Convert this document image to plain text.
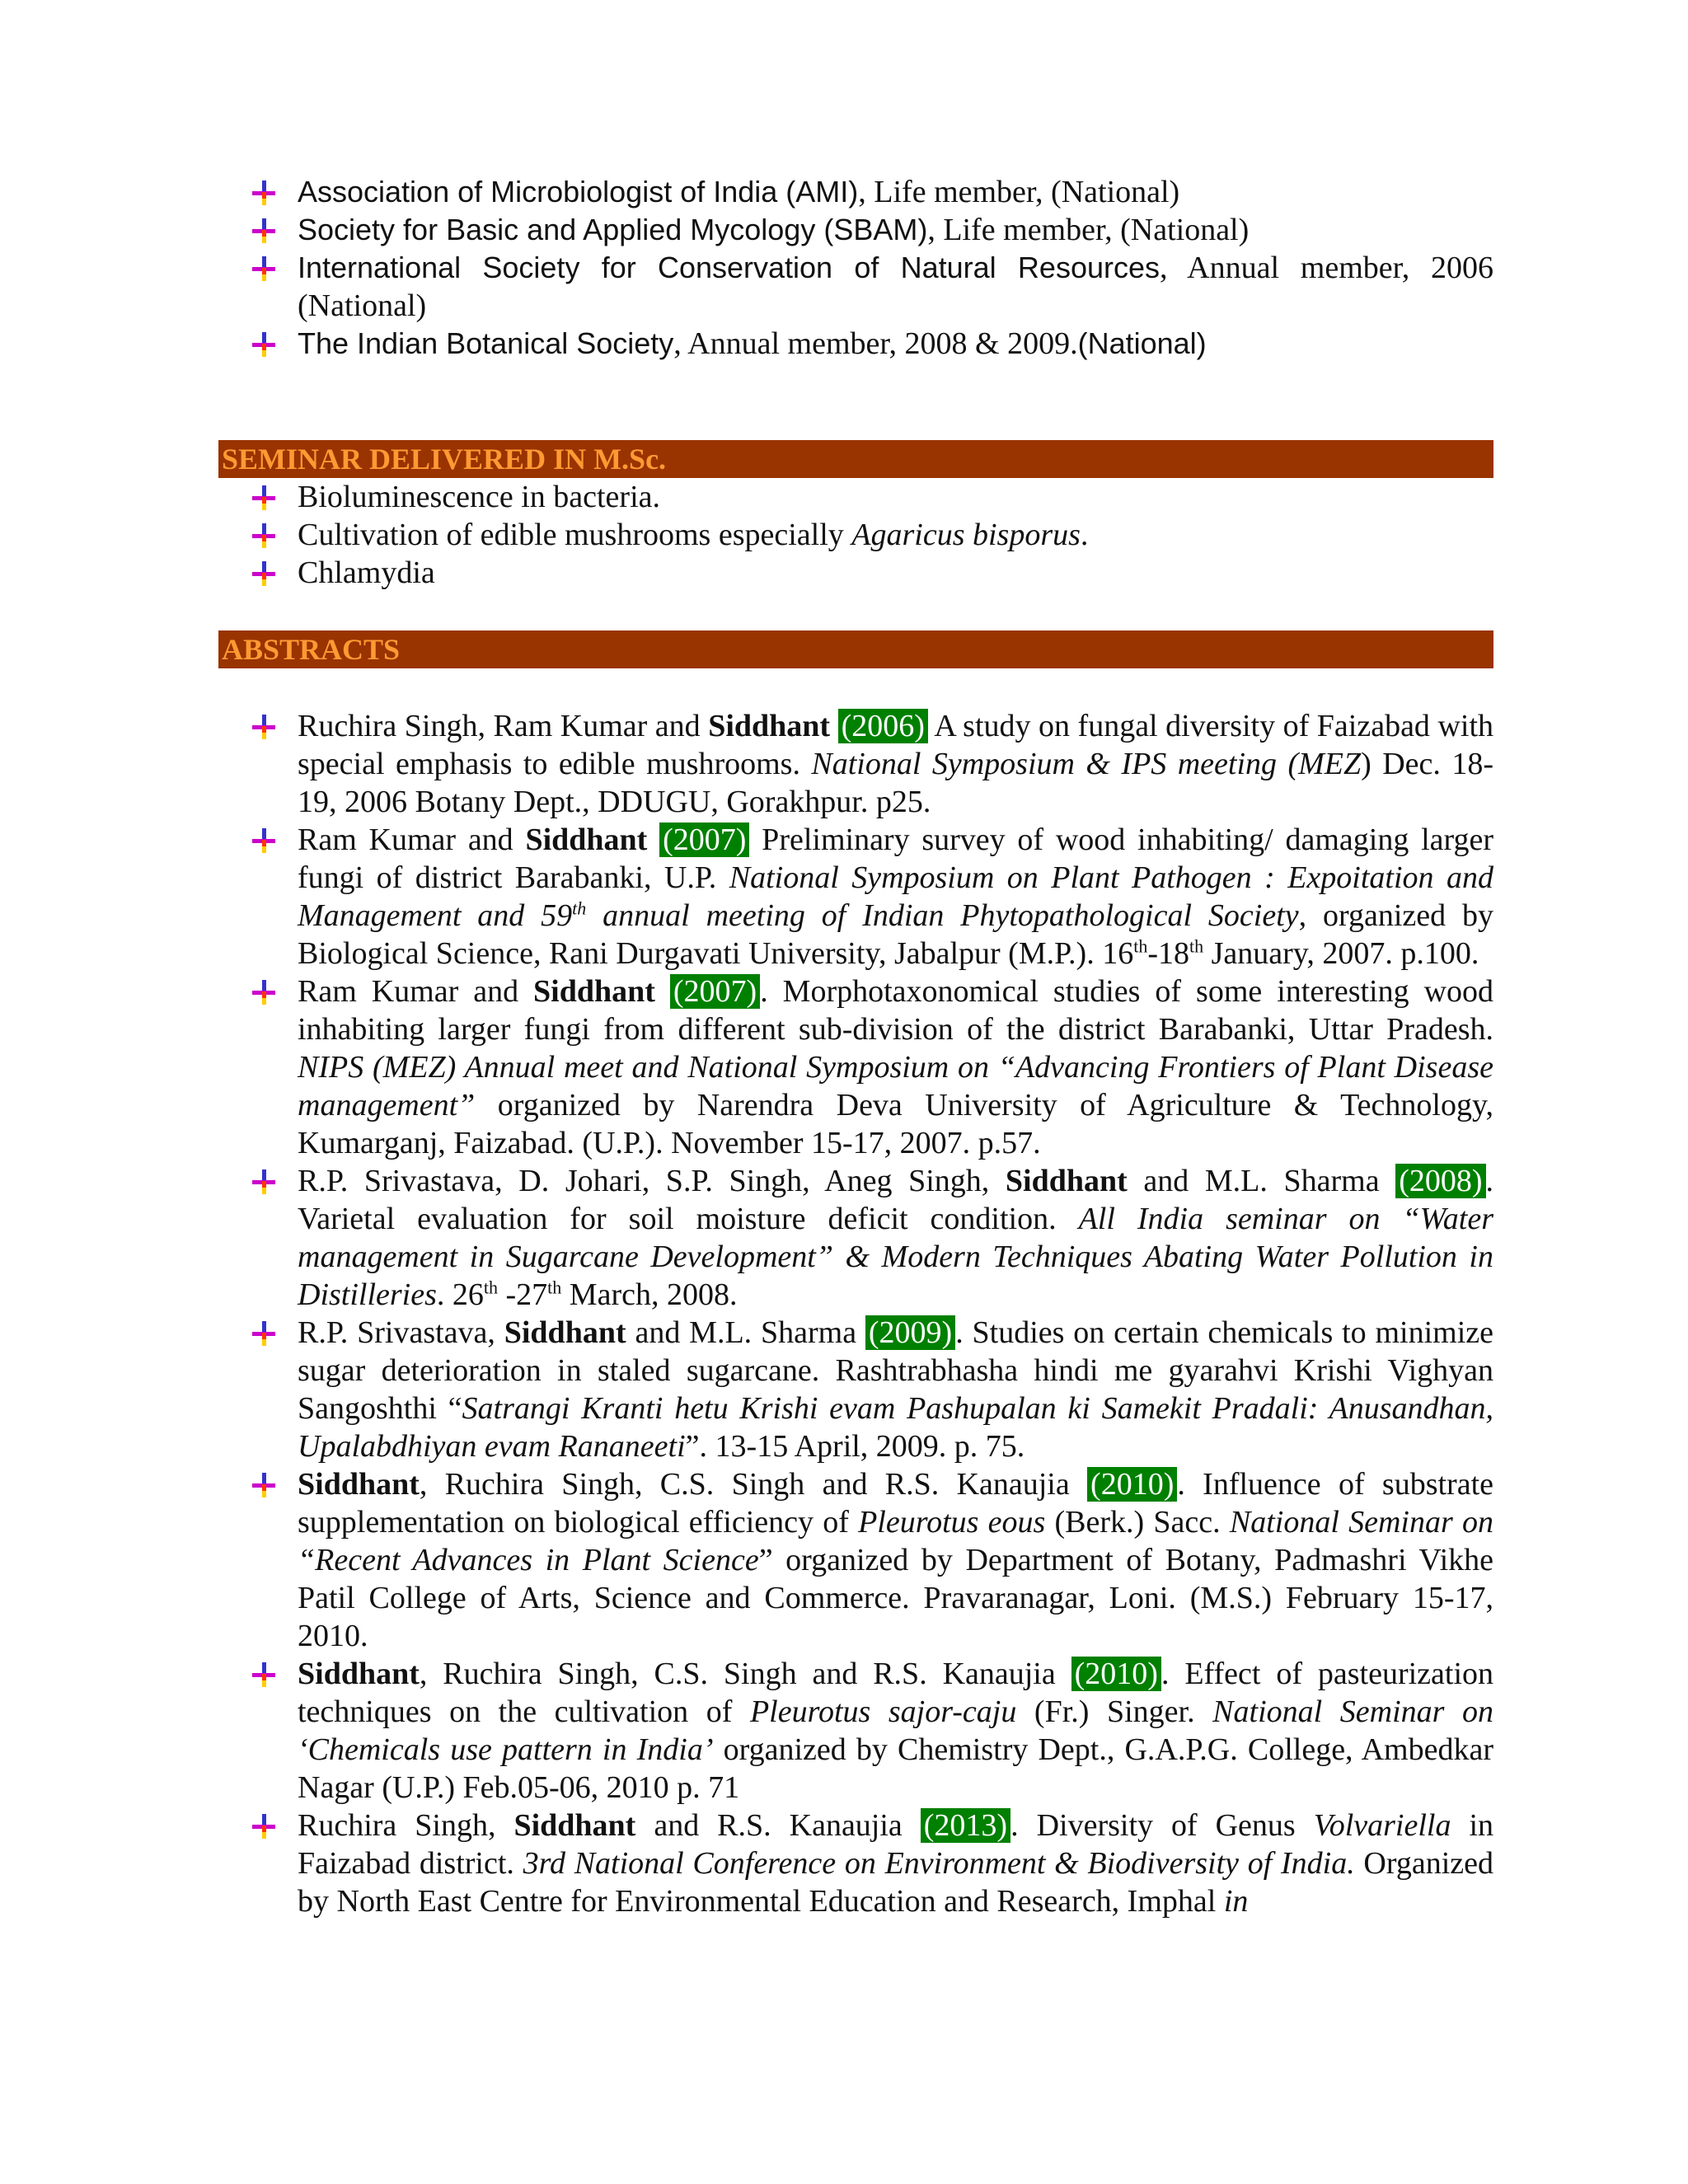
Association of Microbiologist of India (AMI), Life member, (National)
Society for Basic and Applied Mycology (SBAM), Life member, (National)
International Society for Conservation of Natural Resources, Annual member, 2006 (National)
The Indian Botanical Society, Annual member, 2008 & 2009.(National)
SEMINAR DELIVERED IN M.Sc.
Bioluminescence in bacteria.
Cultivation of edible mushrooms especially Agaricus bisporus.
Chlamydia
ABSTRACTS
Ruchira Singh, Ram Kumar and Siddhant (2006) A study on fungal diversity of Faizabad with special emphasis to edible mushrooms. National Symposium & IPS meeting (MEZ) Dec. 18-19, 2006 Botany Dept., DDUGU, Gorakhpur. p25.
Ram Kumar and Siddhant (2007) Preliminary survey of wood inhabiting/ damaging larger fungi of district Barabanki, U.P. National Symposium on Plant Pathogen : Expoitation and Management and 59th annual meeting of Indian Phytopathological Society, organized by Biological Science, Rani Durgavati University, Jabalpur (M.P.). 16th-18th January, 2007. p.100.
Ram Kumar and Siddhant (2007) . Morphotaxonomical studies of some interesting wood inhabiting larger fungi from different sub-division of the district Barabanki, Uttar Pradesh. NIPS (MEZ) Annual meet and National Symposium on “Advancing Frontiers of Plant Disease management” organized by Narendra Deva University of Agriculture & Technology, Kumarganj, Faizabad. (U.P.). November 15-17, 2007. p.57.
R.P. Srivastava, D. Johari, S.P. Singh, Aneg Singh, Siddhant and M.L. Sharma (2008) . Varietal evaluation for soil moisture deficit condition. All India seminar on “Water management in Sugarcane Development” & Modern Techniques Abating Water Pollution in Distilleries. 26th -27th March, 2008.
R.P. Srivastava, Siddhant and M.L. Sharma (2009) . Studies on certain chemicals to minimize sugar deterioration in staled sugarcane. Rashtrabhasha hindi me gyarahvi Krishi Vighyan Sangoshthi “Satrangi Kranti hetu Krishi evam Pashupalan ki Samekit Pradali: Anusandhan, Upalabdhiyan evam Rananeeti”. 13-15 April, 2009. p. 75.
Siddhant, Ruchira Singh, C.S. Singh and R.S. Kanaujia (2010) . Influence of substrate supplementation on biological efficiency of Pleurotus eous (Berk.) Sacc. National Seminar on “Recent Advances in Plant Science” organized by Department of Botany, Padmashri Vikhe Patil College of Arts, Science and Commerce. Pravaranagar, Loni. (M.S.) February 15-17, 2010.
Siddhant, Ruchira Singh, C.S. Singh and R.S. Kanaujia (2010) . Effect of pasteurization techniques on the cultivation of Pleurotus sajor-caju (Fr.) Singer. National Seminar on ‘Chemicals use pattern in India’ organized by Chemistry Dept., G.A.P.G. College, Ambedkar Nagar (U.P.) Feb.05-06, 2010 p. 71
Ruchira Singh, Siddhant and R.S. Kanaujia (2013) . Diversity of Genus Volvariella in Faizabad district. 3rd National Conference on Environment & Biodiversity of India. Organized by North East Centre for Environmental Education and Research, Imphal in
